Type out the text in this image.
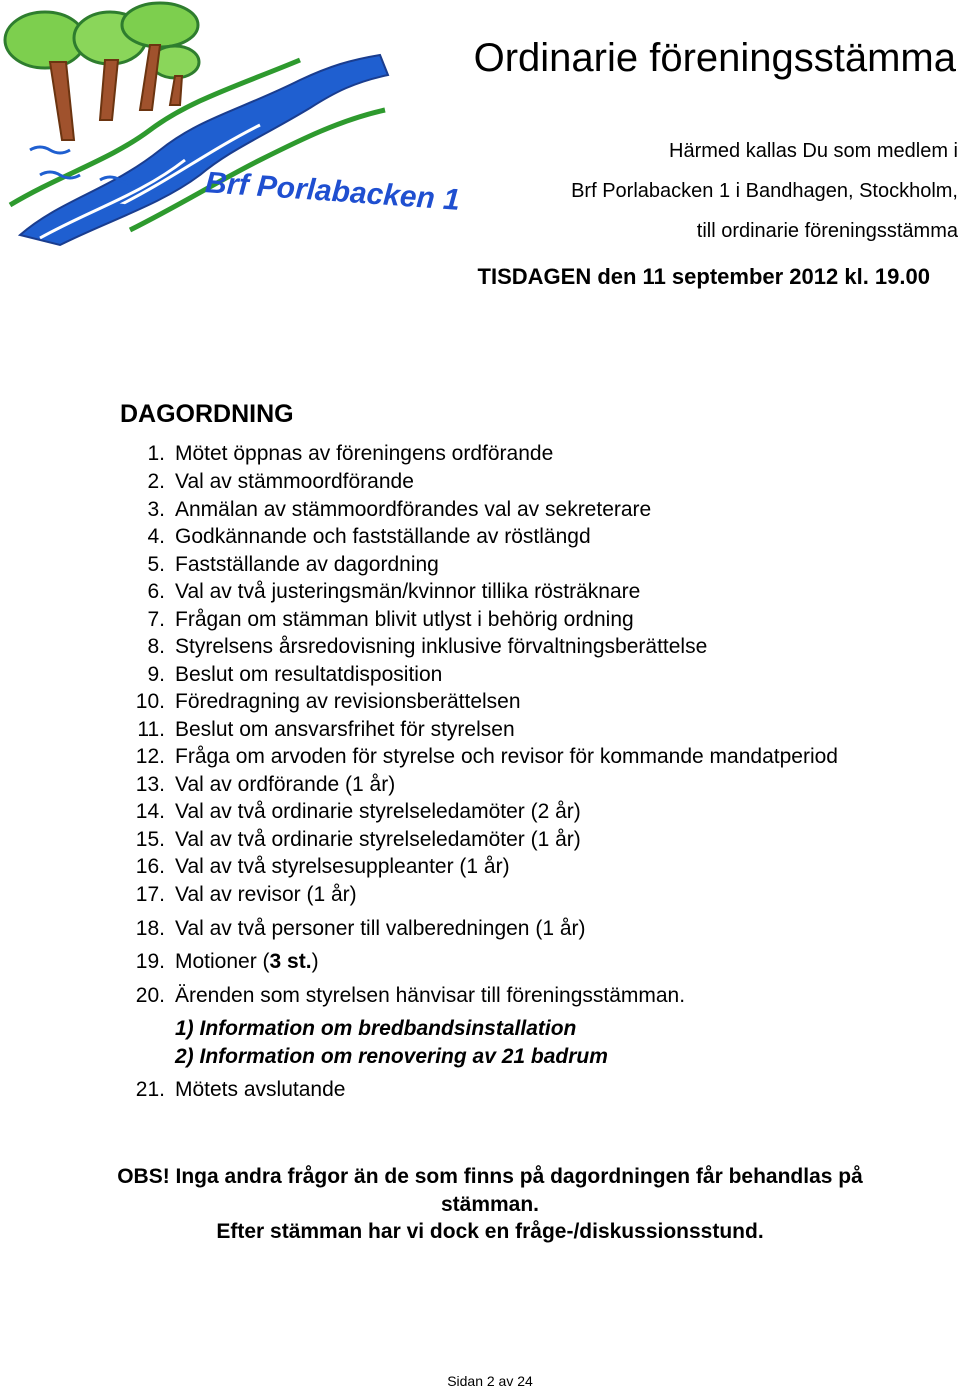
Brf Porlabacken 1
Ordinarie föreningsstämma
Härmed kallas Du som medlem i
Brf Porlabacken 1 i Bandhagen, Stockholm,
till ordinarie föreningsstämma
TISDAGEN den 11 september 2012 kl. 19.00
DAGORDNING
1. Mötet öppnas av föreningens ordförande
2. Val av stämmoordförande
3. Anmälan av stämmoordförandes val av sekreterare
4. Godkännande och fastställande av röstlängd
5. Fastställande av dagordning
6. Val av två justeringsmän/kvinnor tillika rösträknare
7. Frågan om stämman blivit utlyst i behörig ordning
8. Styrelsens årsredovisning inklusive förvaltningsberättelse
9. Beslut om resultatdisposition
10. Föredragning av revisionsberättelsen
11. Beslut om ansvarsfrihet för styrelsen
12. Fråga om arvoden för styrelse och revisor för kommande mandatperiod
13. Val av ordförande (1 år)
14. Val av två ordinarie styrelseledamöter (2 år)
15. Val av två ordinarie styrelseledamöter (1 år)
16. Val av två styrelsesuppleanter (1 år)
17. Val av revisor (1 år)
18. Val av två personer till valberedningen (1 år)
19. Motioner (3 st.)
20. Ärenden som styrelsen hänvisar till föreningsstämman.
1) Information om bredbandsinstallation
2) Information om renovering av 21 badrum
21. Mötets avslutande
OBS! Inga andra frågor än de som finns på dagordningen får behandlas på
stämman.
Efter stämman har vi dock en fråge-/diskussionsstund.
Sidan 2 av 24
